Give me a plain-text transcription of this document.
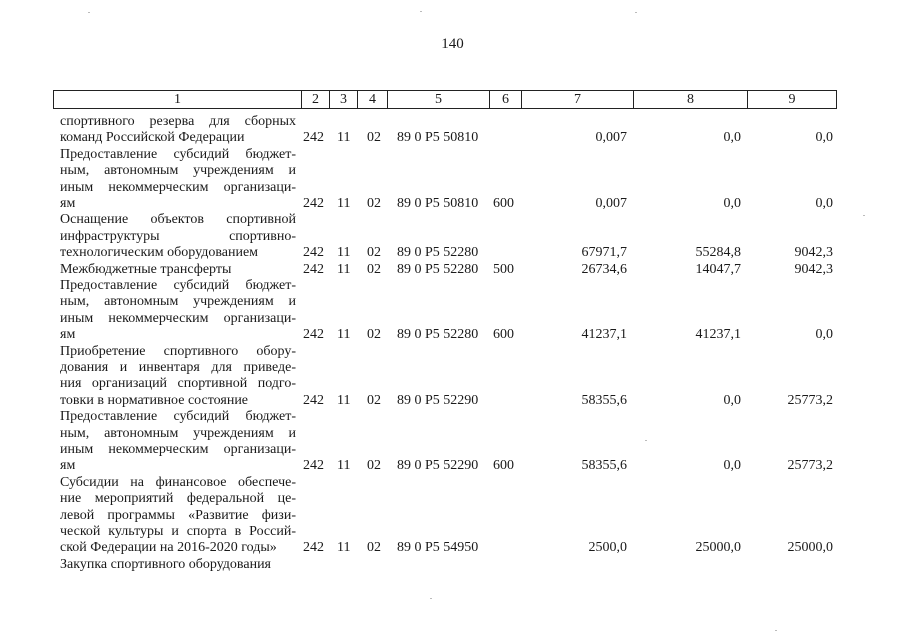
140
1	2	3	4	5	6	7	8	9
спортивного резерва для сборных
команд Российской Федерации	242 11 02 89 0 P5 50810	0,007	0,0	0,0
Предоставление субсидий бюджет-
ным, автономным учреждениям и
иным некоммерческим организаци-
ям	242 11 02 89 0 P5 50810 600	0,007	0,0	0,0
Оснащение объектов спортивной
инфраструктуры спортивно-
технологическим оборудованием	242 11 02 89 0 P5 52280	67971,7	55284,8	9042,3
Межбюджетные трансферты	242 11 02 89 0 P5 52280 500	26734,6	14047,7	9042,3
Предоставление субсидий бюджет-
ным, автономным учреждениям и
иным некоммерческим организаци-
ям	242 11 02 89 0 P5 52280 600	41237,1	41237,1	0,0
Приобретение спортивного обору-
дования и инвентаря для приведе-
ния организаций спортивной подго-
товки в нормативное состояние	242 11 02 89 0 P5 52290	58355,6	0,0	25773,2
Предоставление субсидий бюджет-
ным, автономным учреждениям и
иным некоммерческим организаци-
ям	242 11 02 89 0 P5 52290 600	58355,6	0,0	25773,2
Субсидии на финансовое обеспече-
ние мероприятий федеральной це-
левой программы «Развитие физи-
ческой культуры и спорта в Россий-
ской Федерации на 2016-2020 годы»	242 11 02 89 0 P5 54950	2500,0	25000,0	25000,0
Закупка спортивного оборудования
